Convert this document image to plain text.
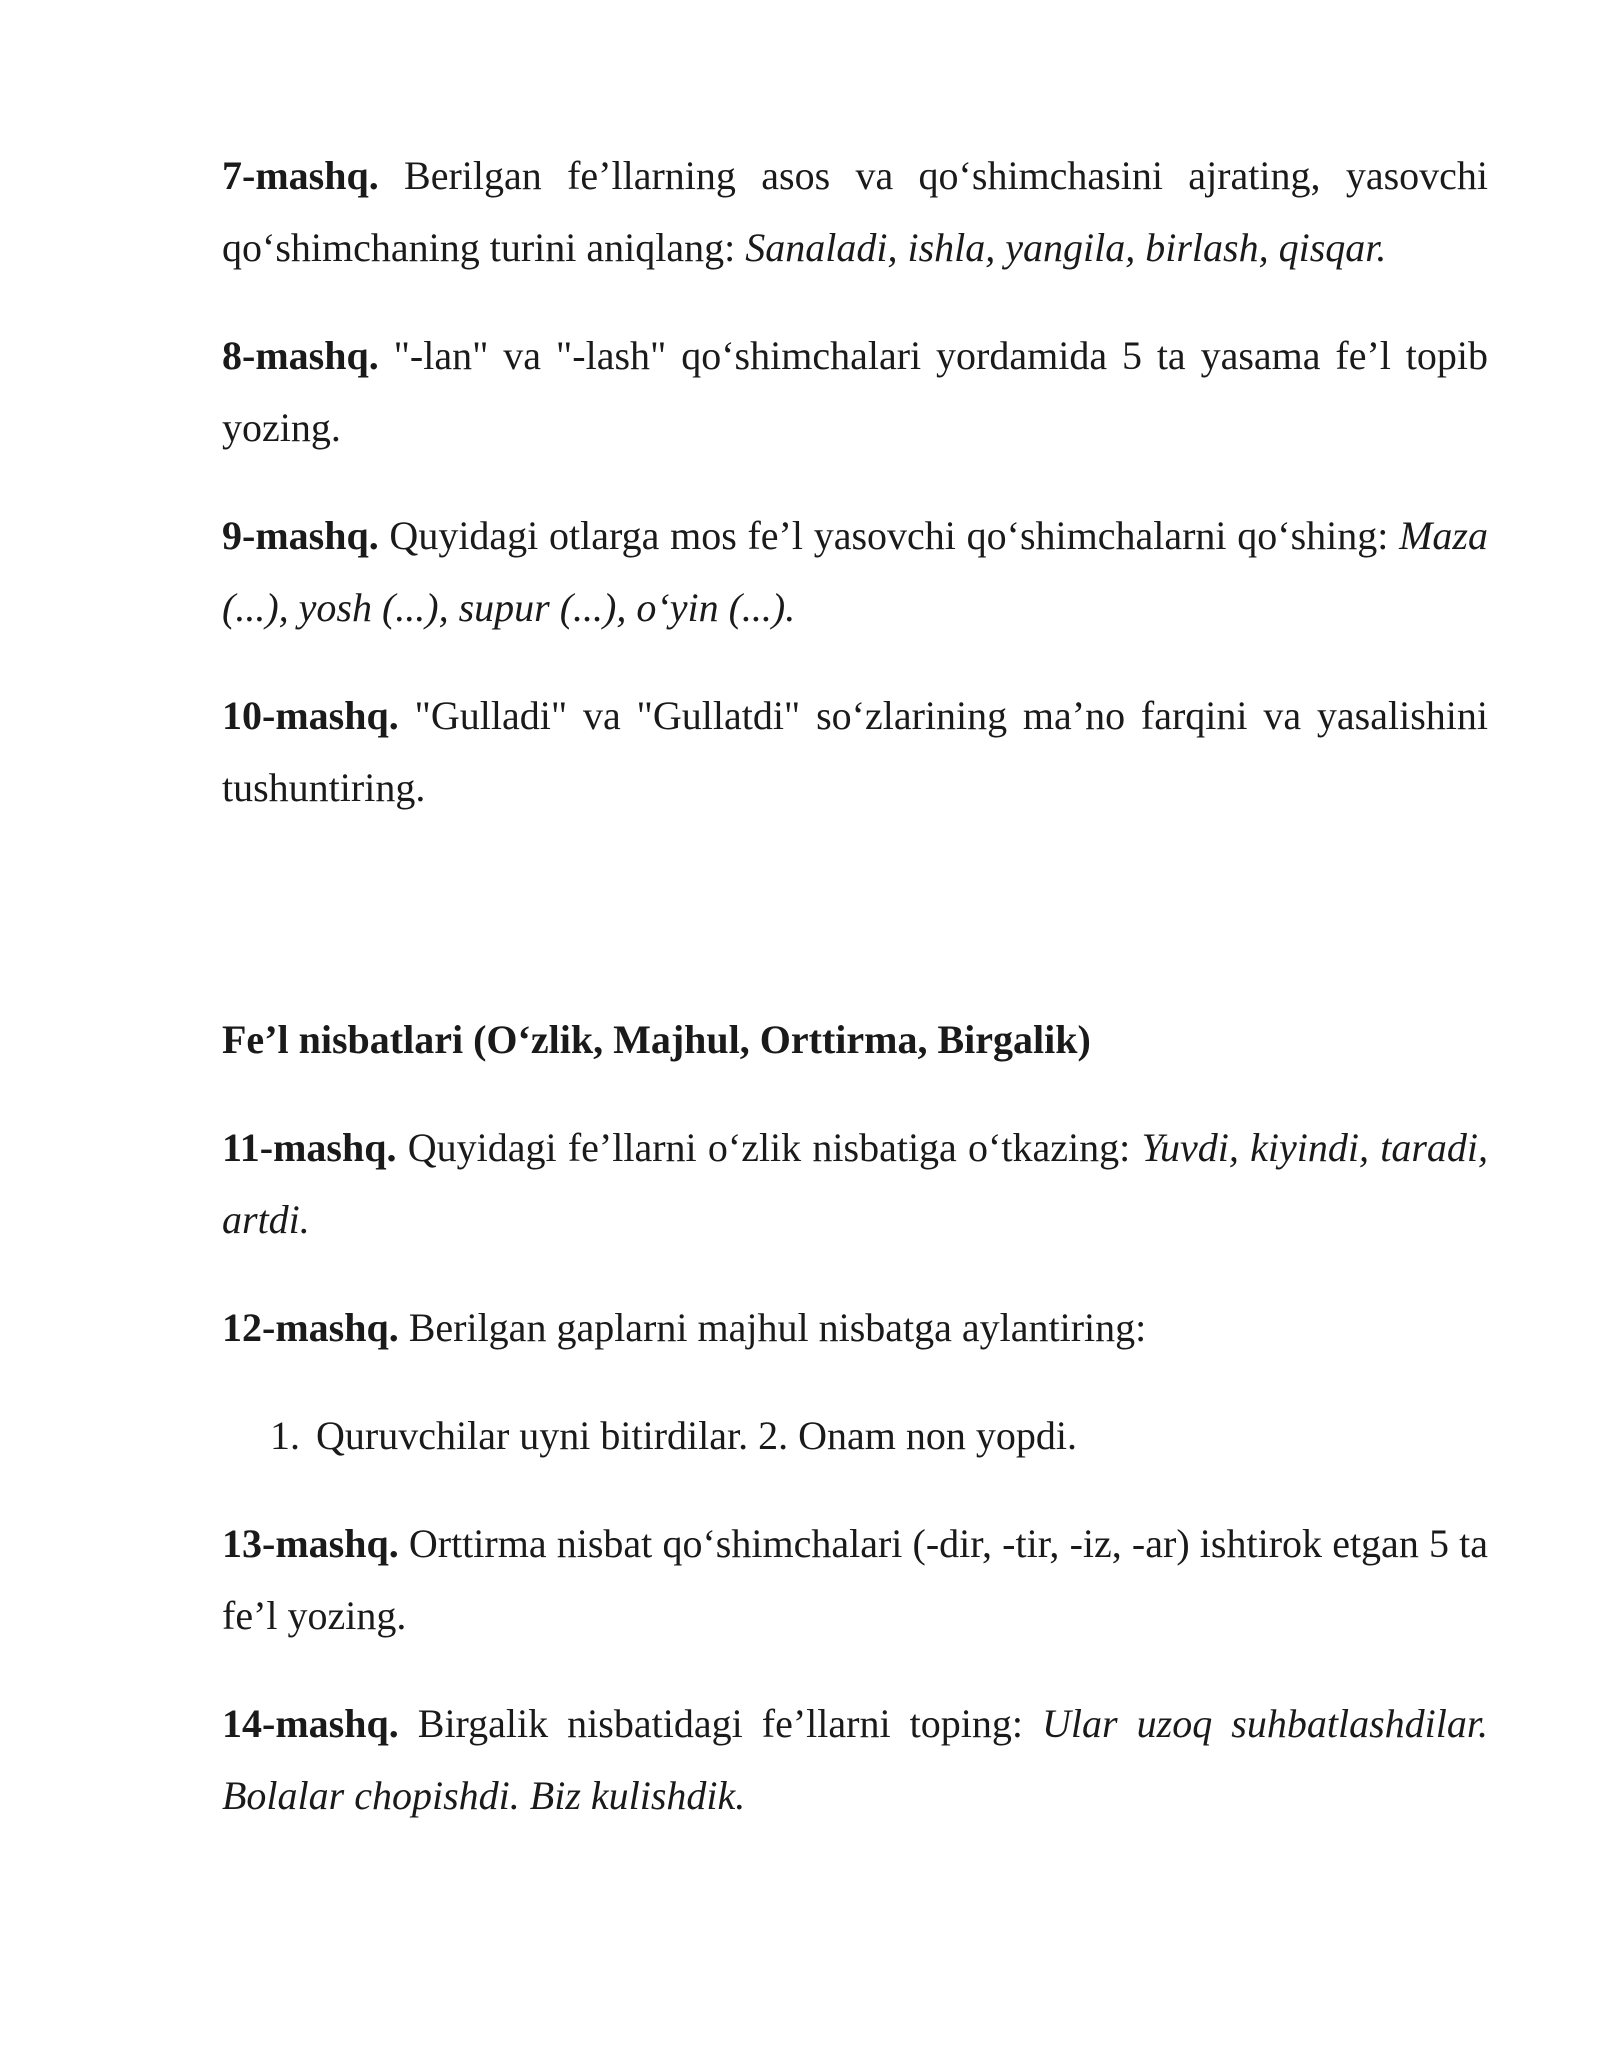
7-mashq. Berilgan fe’llarning asos va qo‘shimchasini ajrating, yasovchi qo‘shimchaning turini aniqlang: Sanaladi, ishla, yangila, birlash, qisqar.

8-mashq. "-lan" va "-lash" qo‘shimchalari yordamida 5 ta yasama fe’l topib yozing.

9-mashq. Quyidagi otlarga mos fe’l yasovchi qo‘shimchalarni qo‘shing: Maza (...), yosh (...), supur (...), o‘yin (...).

10-mashq. "Gulladi" va "Gullatdi" so‘zlarining ma’no farqini va yasalishini tushuntiring.

Fe’l nisbatlari (O‘zlik, Majhul, Orttirma, Birgalik)

11-mashq. Quyidagi fe’llarni o‘zlik nisbatiga o‘tkazing: Yuvdi, kiyindi, taradi, artdi.

12-mashq. Berilgan gaplarni majhul nisbatga aylantiring:

1. Quruvchilar uyni bitirdilar. 2. Onam non yopdi.

13-mashq. Orttirma nisbat qo‘shimchalari (-dir, -tir, -iz, -ar) ishtirok etgan 5 ta fe’l yozing.

14-mashq. Birgalik nisbatidagi fe’llarni toping: Ular uzoq suhbatlashdilar. Bolalar chopishdi. Biz kulishdik.
